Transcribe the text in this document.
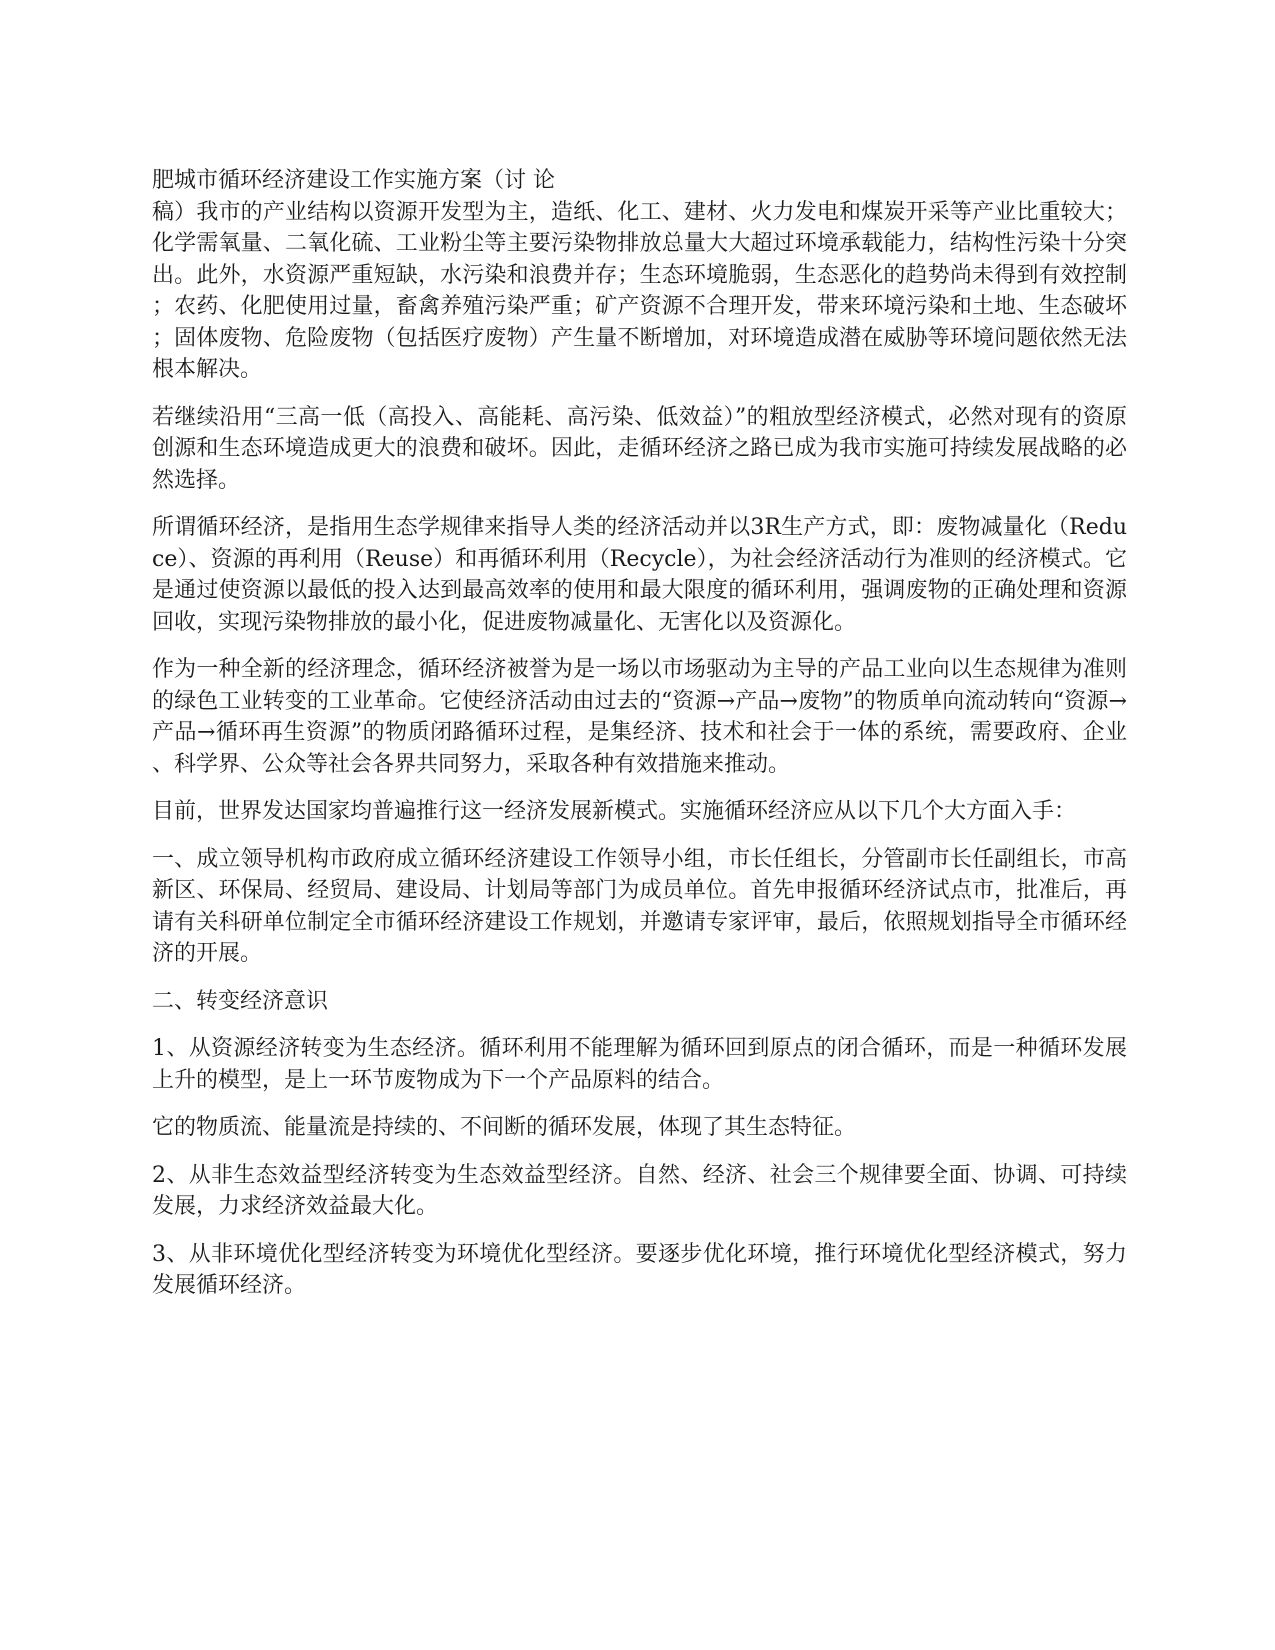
肥城市循环经济建设工作实施方案（讨 论
稿）我市的产业结构以资源开发型为主，造纸、化工、建材、火力发电和煤炭开采等产业比重较大；化学需氧量、二氧化硫、工业粉尘等主要污染物排放总量大大超过环境承载能力，结构性污染十分突出。此外，水资源严重短缺，水污染和浪费并存；生态环境脆弱，生态恶化的趋势尚未得到有效控制；农药、化肥使用过量，畜禽养殖污染严重；矿产资源不合理开发，带来环境污染和土地、生态破坏；固体废物、危险废物（包括医疗废物）产生量不断增加，对环境造成潜在威胁等环境问题依然无法根本解决。

若继续沿用“三高一低（高投入、高能耗、高污染、低效益）”的粗放型经济模式，必然对现有的资原创源和生态环境造成更大的浪费和破坏。因此，走循环经济之路已成为我市实施可持续发展战略的必然选择。

所谓循环经济，是指用生态学规律来指导人类的经济活动并以3R生产方式，即：废物减量化（Reduce）、资源的再利用（Reuse）和再循环利用（Recycle），为社会经济活动行为准则的经济模式。它是通过使资源以最低的投入达到最高效率的使用和最大限度的循环利用，强调废物的正确处理和资源回收，实现污染物排放的最小化，促进废物减量化、无害化以及资源化。

作为一种全新的经济理念，循环经济被誉为是一场以市场驱动为主导的产品工业向以生态规律为准则的绿色工业转变的工业革命。它使经济活动由过去的“资源→产品→废物”的物质单向流动转向“资源→产品→循环再生资源”的物质闭路循环过程，是集经济、技术和社会于一体的系统，需要政府、企业、科学界、公众等社会各界共同努力，采取各种有效措施来推动。

目前，世界发达国家均普遍推行这一经济发展新模式。实施循环经济应从以下几个大方面入手：

一、成立领导机构市政府成立循环经济建设工作领导小组，市长任组长，分管副市长任副组长，市高新区、环保局、经贸局、建设局、计划局等部门为成员单位。首先申报循环经济试点市，批准后，再请有关科研单位制定全市循环经济建设工作规划，并邀请专家评审，最后，依照规划指导全市循环经济的开展。

二、转变经济意识

1、从资源经济转变为生态经济。循环利用不能理解为循环回到原点的闭合循环，而是一种循环发展上升的模型，是上一环节废物成为下一个产品原料的结合。

它的物质流、能量流是持续的、不间断的循环发展，体现了其生态特征。

2、从非生态效益型经济转变为生态效益型经济。自然、经济、社会三个规律要全面、协调、可持续发展，力求经济效益最大化。

3、从非环境优化型经济转变为环境优化型经济。要逐步优化环境，推行环境优化型经济模式，努力发展循环经济。
